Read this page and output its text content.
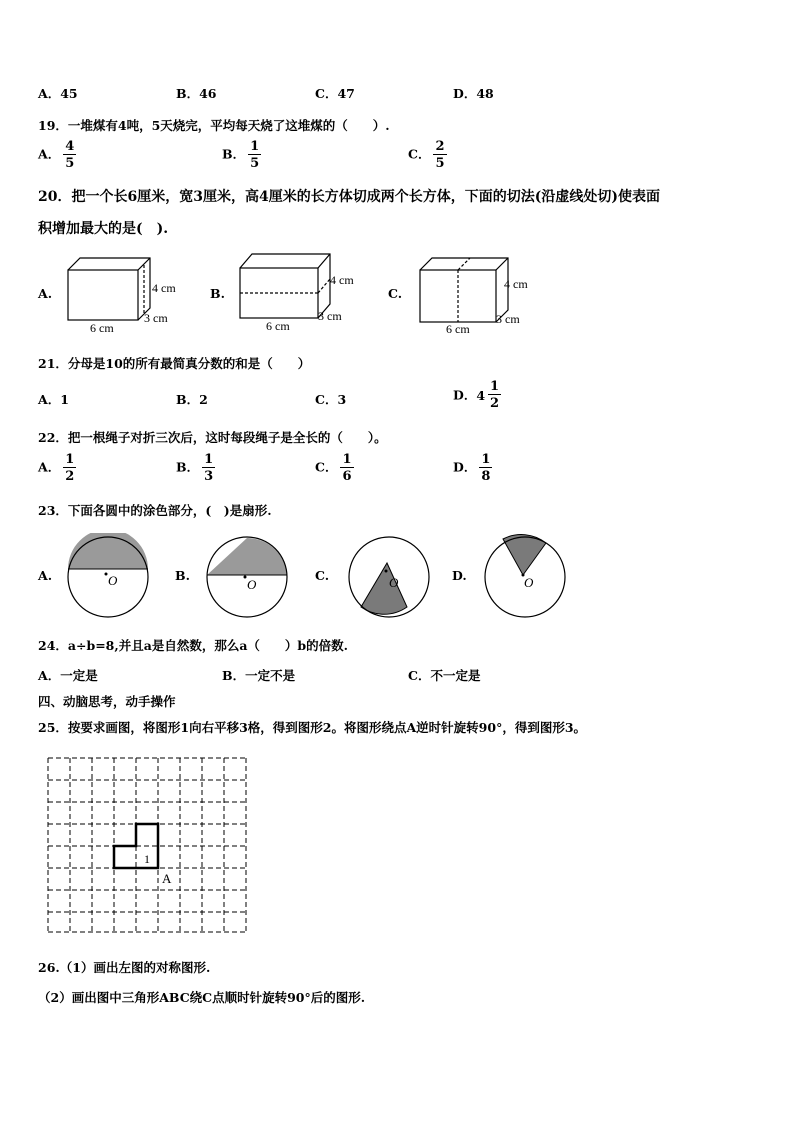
A．45	B．46	C．47	D．48
19．一堆煤有4吨，5天烧完，平均每天烧了这堆煤的（　　）.
A． $\frac{4}{5}$	B． $\frac{1}{5}$	C． $\frac{2}{5}$
20．把一个长6厘米，宽3厘米，高4厘米的长方体切成两个长方体，下面的切法(沿虚线处切)使表面
积增加最大的是(　).
A.	4 cm
3 cm
6 cm
B.
4 cm
3 cm
6 cm
C.
4 cm
3 cm
6 cm
21．分母是10的所有最简真分数的和是（　　）
A．1	B．2	C．3	D． $4 \frac{1}{2}$
22．把一根绳子对折三次后，这时每段绳子是全长的（　　）。
A． $\frac{1}{2}$	B． $\frac{1}{3}$	C． $\frac{1}{6}$	D． $\frac{1}{8}$
23．下面各圆中的涂色部分，(　)是扇形.
A.	O	B.
O
C.	O	D.	O
24．a÷b=8,并且a是自然数，那么a（　　）b的倍数.
A．一定是	B．一定不是	C．不一定是
四、动脑思考，动手操作
25．按要求画图，将图形1向右平移3格，得到图形2。将图形绕点A逆时针旋转90°，得到图形3。
1
A
26.（1）画出左图的对称图形.
（2）画出图中三角形ABC绕C点顺时针旋转90°后的图形.
